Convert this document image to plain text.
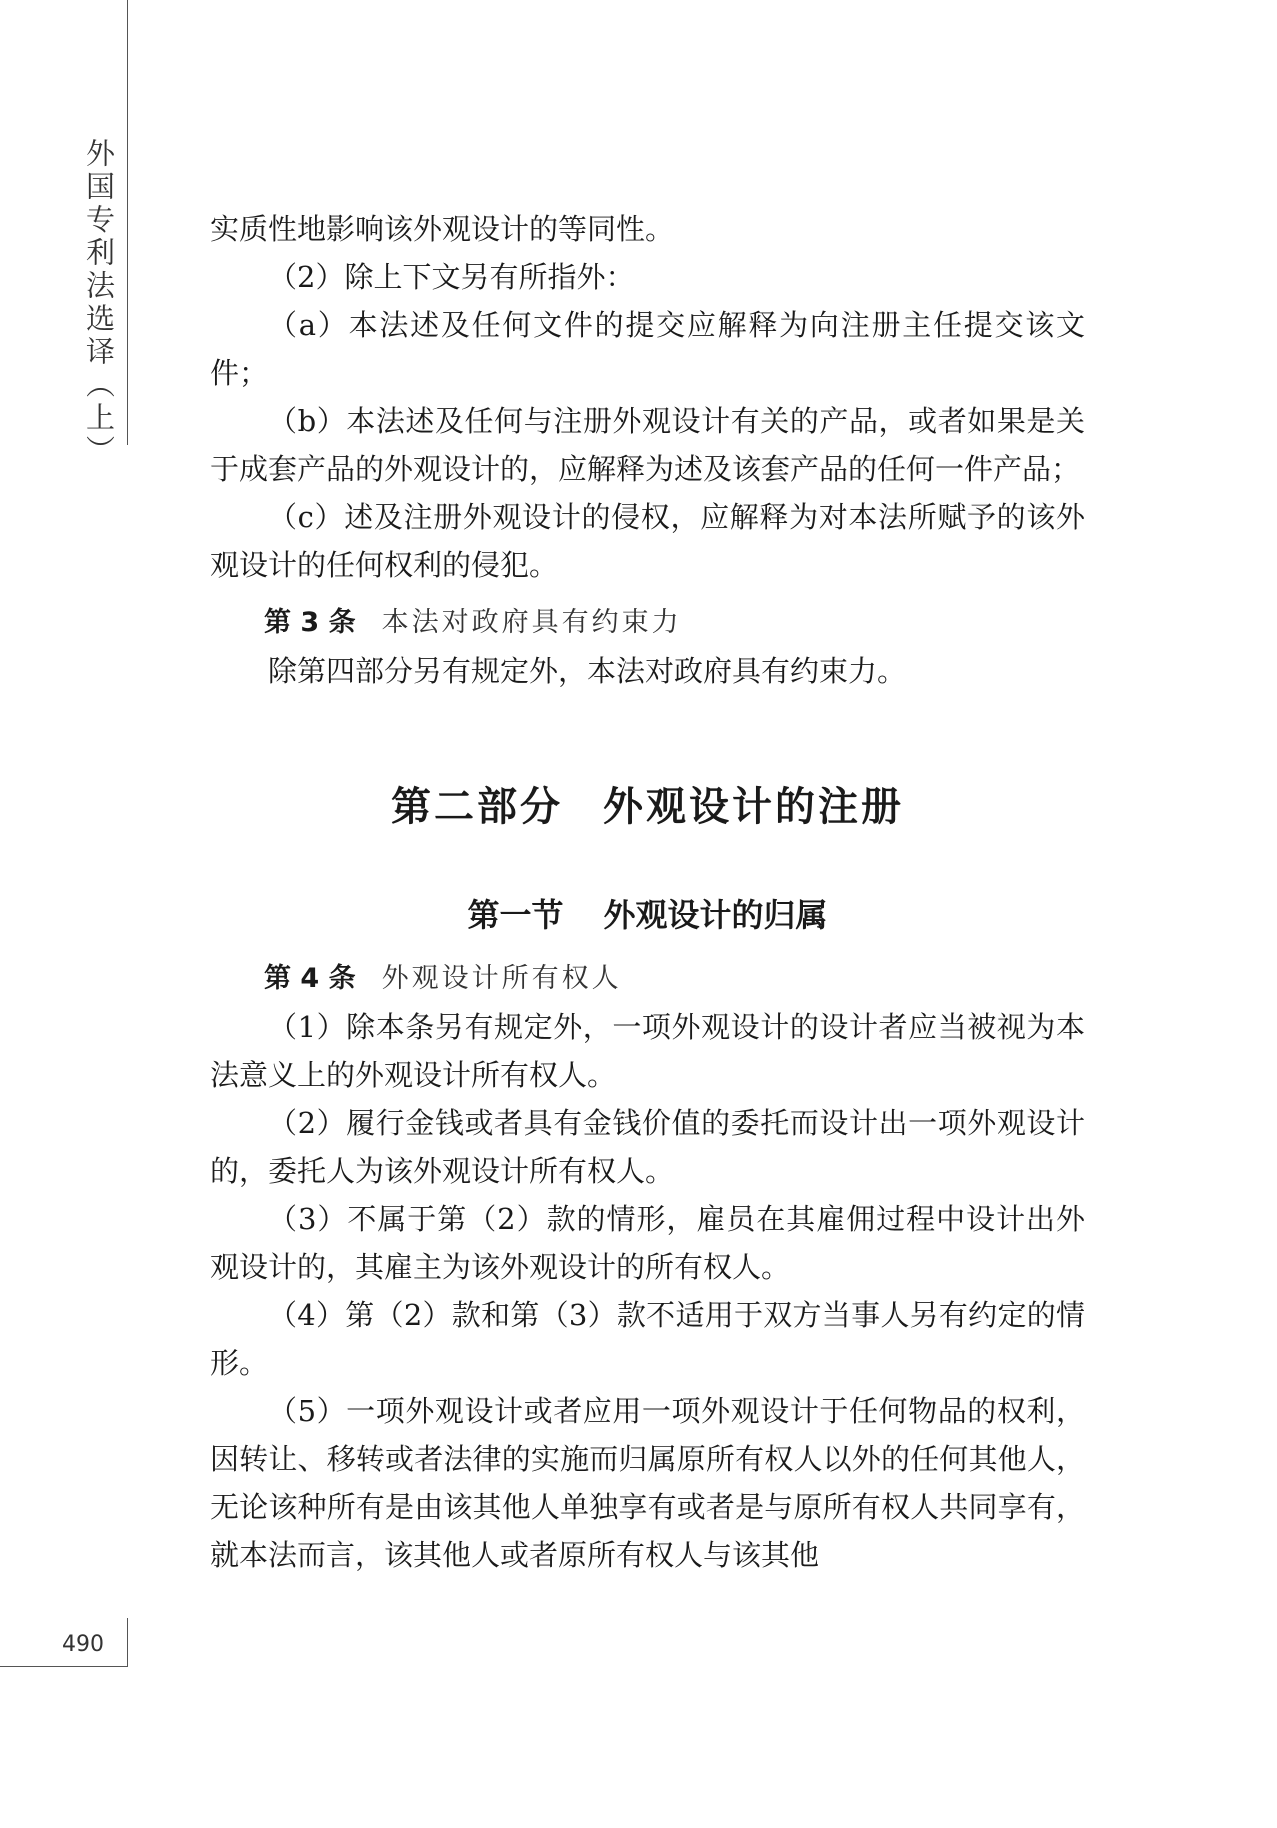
外国专利法选译（上）	实质性地影响该外观设计的等同性。

（2）除上下文另有所指外：

（a）本法述及任何文件的提交应解释为向注册主任提交该文件；

（b）本法述及任何与注册外观设计有关的产品，或者如果是关于成套产品的外观设计的，应解释为述及该套产品的任何一件产品；

（c）述及注册外观设计的侵权，应解释为对本法所赋予的该外观设计的任何权利的侵犯。

第 3 条 本法对政府具有约束力

除第四部分另有规定外，本法对政府具有约束力。

第二部分 外观设计的注册
第一节 外观设计的归属

第 4 条 外观设计所有权人

（1）除本条另有规定外，一项外观设计的设计者应当被视为本法意义上的外观设计所有权人。

（2）履行金钱或者具有金钱价值的委托而设计出一项外观设计的，委托人为该外观设计所有权人。

（3）不属于第（2）款的情形，雇员在其雇佣过程中设计出外观设计的，其雇主为该外观设计的所有权人。

（4）第（2）款和第（3）款不适用于双方当事人另有约定的情形。

（5）一项外观设计或者应用一项外观设计于任何物品的权利，因转让、移转或者法律的实施而归属原所有权人以外的任何其他人，无论该种所有是由该其他人单独享有或者是与原所有权人共同享有，就本法而言，该其他人或者原所有权人与该其他

490
